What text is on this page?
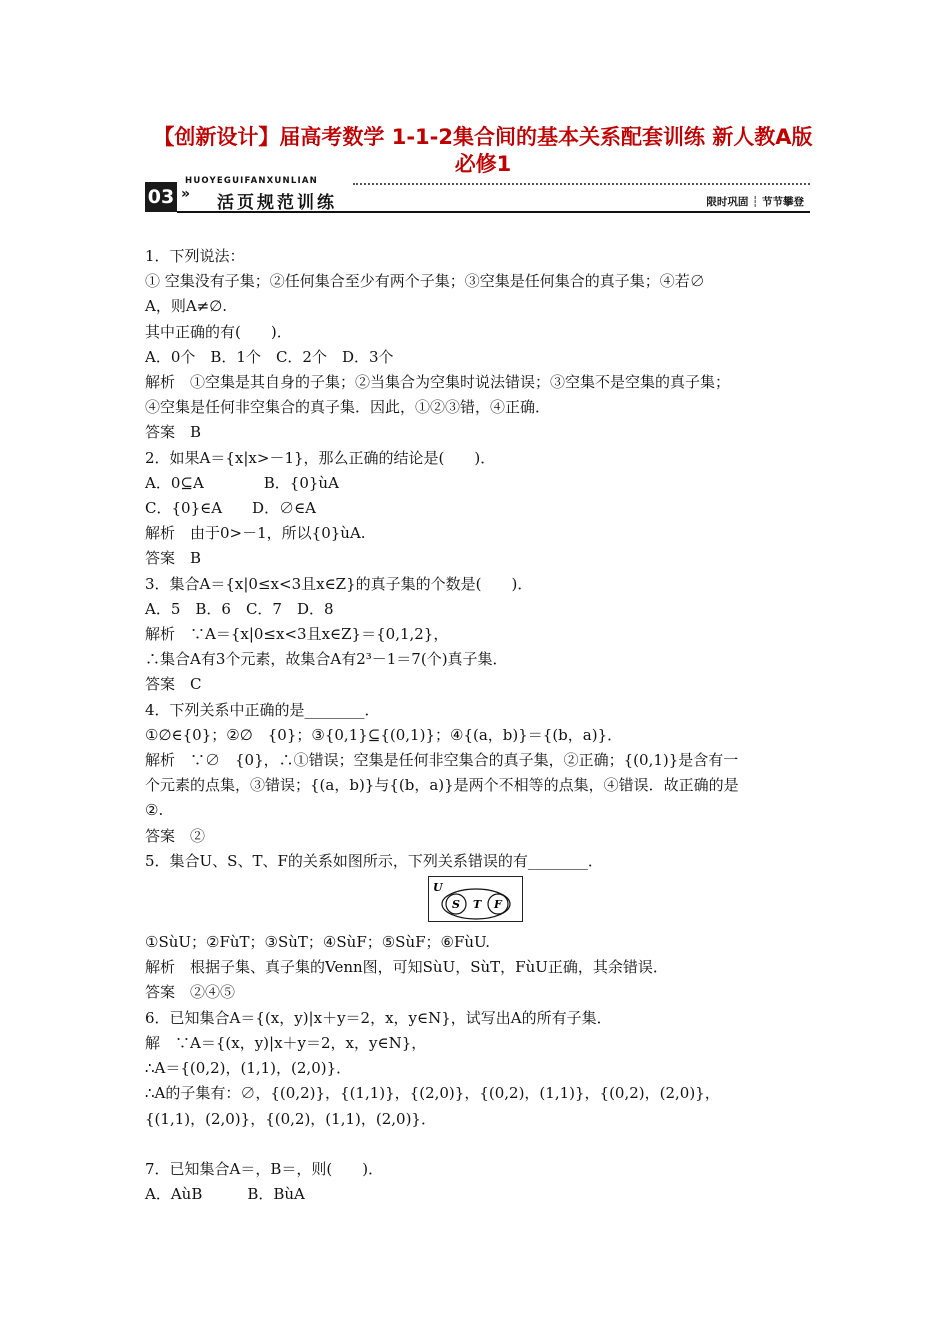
【创新设计】届高考数学 1-1-2集合间的基本关系配套训练 新人教A版必修1
HUOYEGUIFANXUNLIAN
03 » 活页规范训练	限时巩固 ┆ 节节攀登

1．下列说法：

① 空集没有子集；②任何集合至少有两个子集；③空集是任何集合的真子集；④若∅

A，则A≠∅.

其中正确的有(　　)．

A．0个　B．1个　C．2个　D．3个

解析　①空集是其自身的子集；②当集合为空集时说法错误；③空集不是空集的真子集；

④空集是任何非空集合的真子集．因此，①②③错，④正确．

答案　B

2．如果A＝{x|x>－1}，那么正确的结论是(　　)．

A．0⊆A　　　　B．{0}ùA

C．{0}∈A　　D．∅∈A

解析　由于0>－1，所以{0}ùA.

答案　B

3．集合A＝{x|0≤x<3且x∈Z}的真子集的个数是(　　)．

A．5　B．6　C．7　D．8

解析　∵A＝{x|0≤x<3且x∈Z}＝{0,1,2}，

∴集合A有3个元素，故集合A有2³－1＝7(个)真子集．

答案　C

4．下列关系中正确的是________．

①∅∈{0}；②∅　{0}；③{0,1}⊆{(0,1)}；④{(a，b)}＝{(b，a)}．

解析　∵∅　{0}，∴①错误；空集是任何非空集合的真子集，②正确；{(0,1)}是含有一

个元素的点集，③错误；{(a，b)}与{(b，a)}是两个不相等的点集，④错误．故正确的是

②.

答案　②

5．集合U、S、T、F的关系如图所示，下列关系错误的有________．

U
S T F

①SùU；②FùT；③SùT；④SùF；⑤SùF；⑥FùU.

解析　根据子集、真子集的Venn图，可知SùU，SùT，FùU正确，其余错误．

答案　②④⑤

6．已知集合A＝{(x，y)|x＋y＝2，x，y∈N}，试写出A的所有子集．

解　∵A＝{(x，y)|x＋y＝2，x，y∈N}，

∴A＝{(0,2)，(1,1)，(2,0)}．

∴A的子集有：∅，{(0,2)}，{(1,1)}，{(2,0)}，{(0,2)，(1,1)}，{(0,2)，(2,0)}，

{(1,1)，(2,0)}，{(0,2)，(1,1)，(2,0)}．

7．已知集合A＝，B＝，则(　　)．

A．AùB　　　B．BùA
